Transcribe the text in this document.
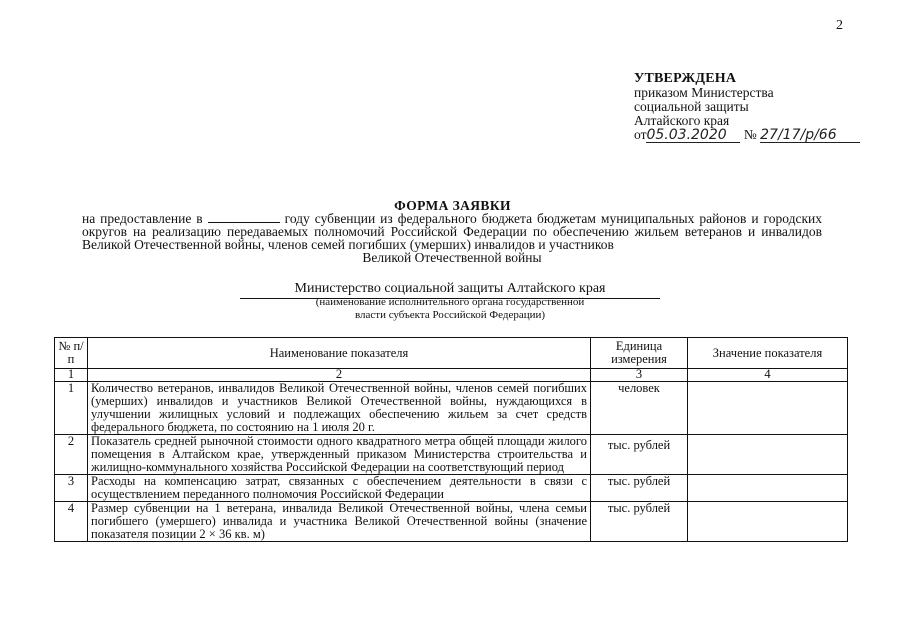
2
УТВЕРЖДЕНА
приказом Министерства
социальной защиты
Алтайского края
от05.03.2020 № 27/17/р/66
ФОРМА ЗАЯВКИ
на предоставление в	году субвенции из федерального бюджета бюджетам муниципальных районов и городских округов на реализацию передаваемых полномочий Российской Федерации по обеспечению жильем ветеранов и инвалидов Великой Отечественной войны, членов семей погибших (умерших) инвалидов и участников
Великой Отечественной войны
Министерство социальной защиты Алтайского края
(наименование исполнительного органа государственной
власти субъекта Российской Федерации)
№ п/п	Наименование показателя	Единица измерения	Значение показателя
1	2	3	4
1	Количество ветеранов, инвалидов Великой Отечественной войны, членов семей погибших (умерших) инвалидов и участников Великой Отечественной войны, нуждающихся в улучшении жилищных условий и подлежащих обеспечению жильем за счет средств федерального бюджета, по состоянию на 1 июля 20 г.	человек	
2	Показатель средней рыночной стоимости одного квадратного метра общей площади жилого помещения в Алтайском крае, утвержденный приказом Министерства строительства и жилищно-коммунального хозяйства Российской Федерации на соответствующий период	тыс. рублей	
3	Расходы на компенсацию затрат, связанных с обеспечением деятельности в связи с осуществлением переданного полномочия Российской Федерации	тыс. рублей	
4	Размер субвенции на 1 ветерана, инвалида Великой Отечественной войны, члена семьи погибшего (умершего) инвалида и участника Великой Отечественной войны (значение показателя позиции 2 × 36 кв. м)	тыс. рублей	
